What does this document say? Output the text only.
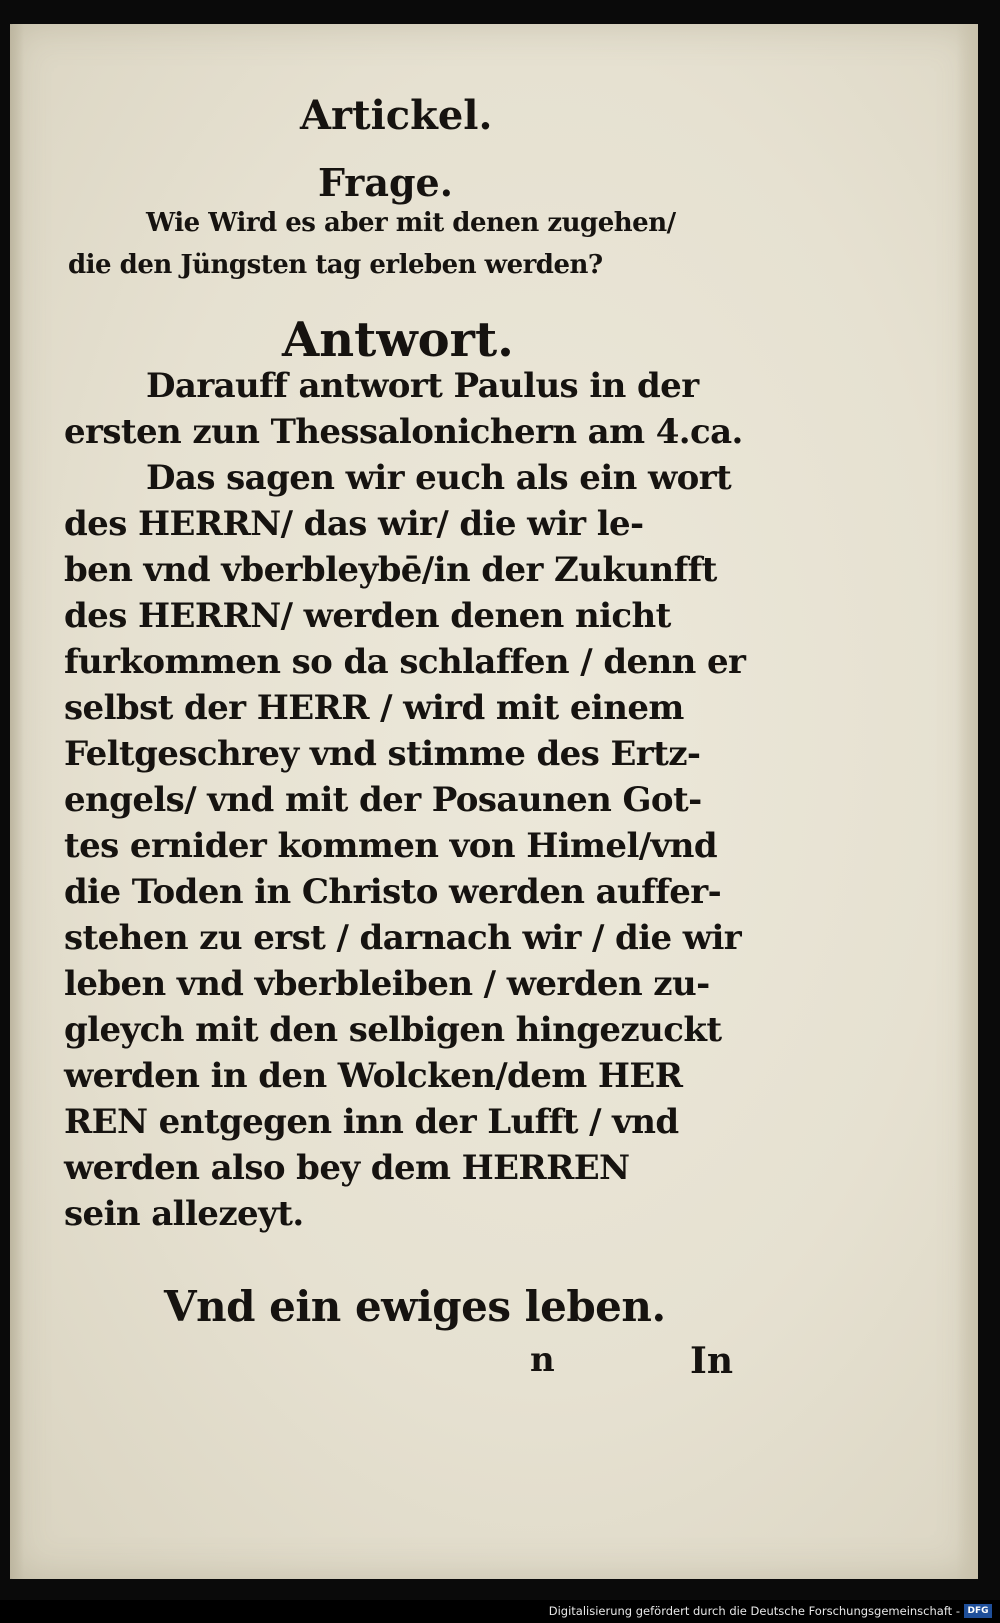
Artickel.
Frage.
Wie Wird es aber mit denen zugehen/
die den Jüngsten tag erleben werden?
Antwort.
Darauff antwort Paulus in der
ersten zun Thessalonichern am 4.ca.
Das sagen wir euch als ein wort
des HERRN/ das wir/ die wir le-
ben vnd vberbleybē/in der Zukunfft
des HERRN/ werden denen nicht
furkommen so da schlaffen / denn er
selbst der HERR / wird mit einem
Feltgeschrey vnd stimme des Ertz-
engels/ vnd mit der Posaunen Got-
tes ernider kommen von Himel/vnd
die Toden in Christo werden auffer-
stehen zu erst / darnach wir / die wir
leben vnd vberbleiben / werden zu-
gleych mit den selbigen hingezuckt
werden in den Wolcken/dem HER
REN entgegen inn der Lufft / vnd
werden also bey dem HERREN
sein allezeyt.
Vnd ein ewiges leben.
n	In
Digitalisierung gefördert durch die Deutsche Forschungsgemeinschaft - DFG
